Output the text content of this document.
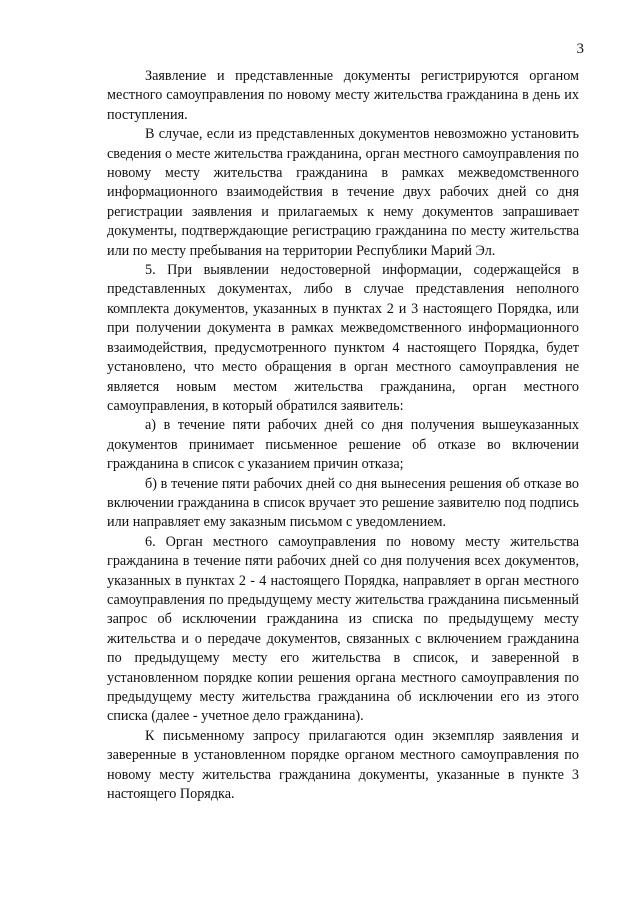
3

Заявление и представленные документы регистрируются органом местного самоуправления по новому месту жительства гражданина в день их поступления.

В случае, если из представленных документов невозможно установить сведения о месте жительства гражданина, орган местного самоуправления по новому месту жительства гражданина в рамках межведомственного информационного взаимодействия в течение двух рабочих дней со дня регистрации заявления и прилагаемых к нему документов запрашивает документы, подтверждающие регистрацию гражданина по месту жительства или по месту пребывания на территории Республики Марий Эл.

5. При выявлении недостоверной информации, содержащейся в представленных документах, либо в случае представления неполного комплекта документов, указанных в пунктах 2 и 3 настоящего Порядка, или при получении документа в рамках межведомственного информационного взаимодействия, предусмотренного пунктом 4 настоящего Порядка, будет установлено, что место обращения в орган местного самоуправления не является новым местом жительства гражданина, орган местного самоуправления, в который обратился заявитель:

а) в течение пяти рабочих дней со дня получения вышеуказанных документов принимает письменное решение об отказе во включении гражданина в список с указанием причин отказа;

б) в течение пяти рабочих дней со дня вынесения решения об отказе во включении гражданина в список вручает это решение заявителю под подпись или направляет ему заказным письмом с уведомлением.

6. Орган местного самоуправления по новому месту жительства гражданина в течение пяти рабочих дней со дня получения всех документов, указанных в пунктах 2 - 4 настоящего Порядка, направляет в орган местного самоуправления по предыдущему месту жительства гражданина письменный запрос об исключении гражданина из списка по предыдущему месту жительства и о передаче документов, связанных с включением гражданина по предыдущему месту его жительства в список, и заверенной в установленном порядке копии решения органа местного самоуправления по предыдущему месту жительства гражданина об исключении его из этого списка (далее - учетное дело гражданина).

К письменному запросу прилагаются один экземпляр заявления и заверенные в установленном порядке органом местного самоуправления по новому месту жительства гражданина документы, указанные в пункте 3 настоящего Порядка.
